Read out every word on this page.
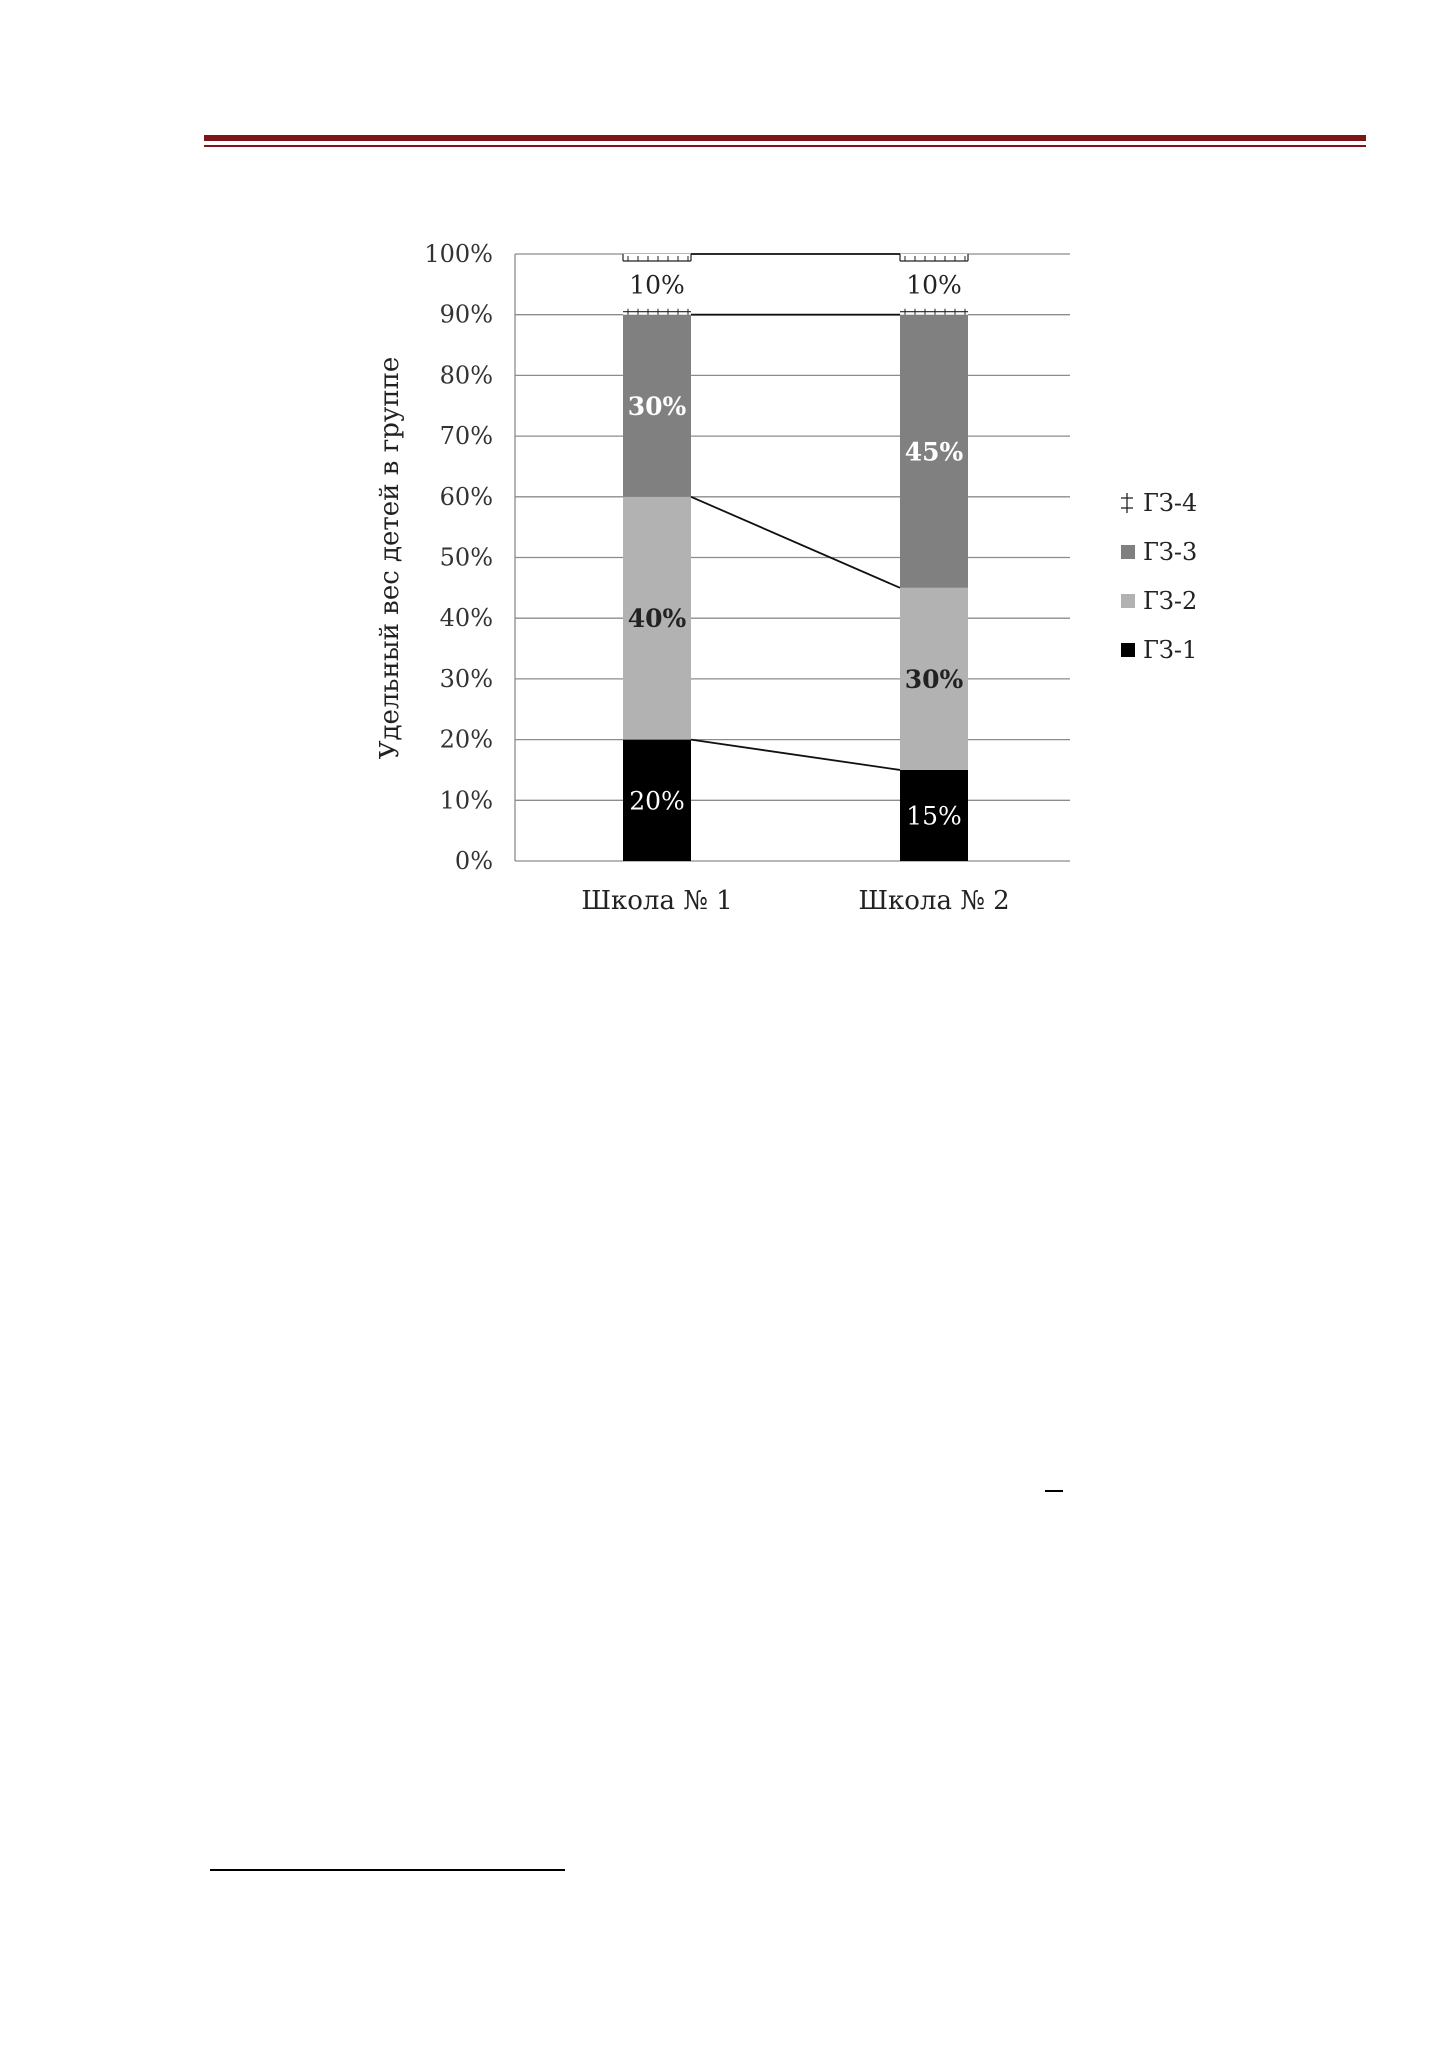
0%
10%
20%
30%
40%
50%
60%
70%
80%
90%
100%
20%
40%
30%
10%
15%
30%
45%
10%
Школа № 1	Школа № 2
Удельный вес детей в группе	ГЗ-4
ГЗ-3
ГЗ-2
ГЗ-1
